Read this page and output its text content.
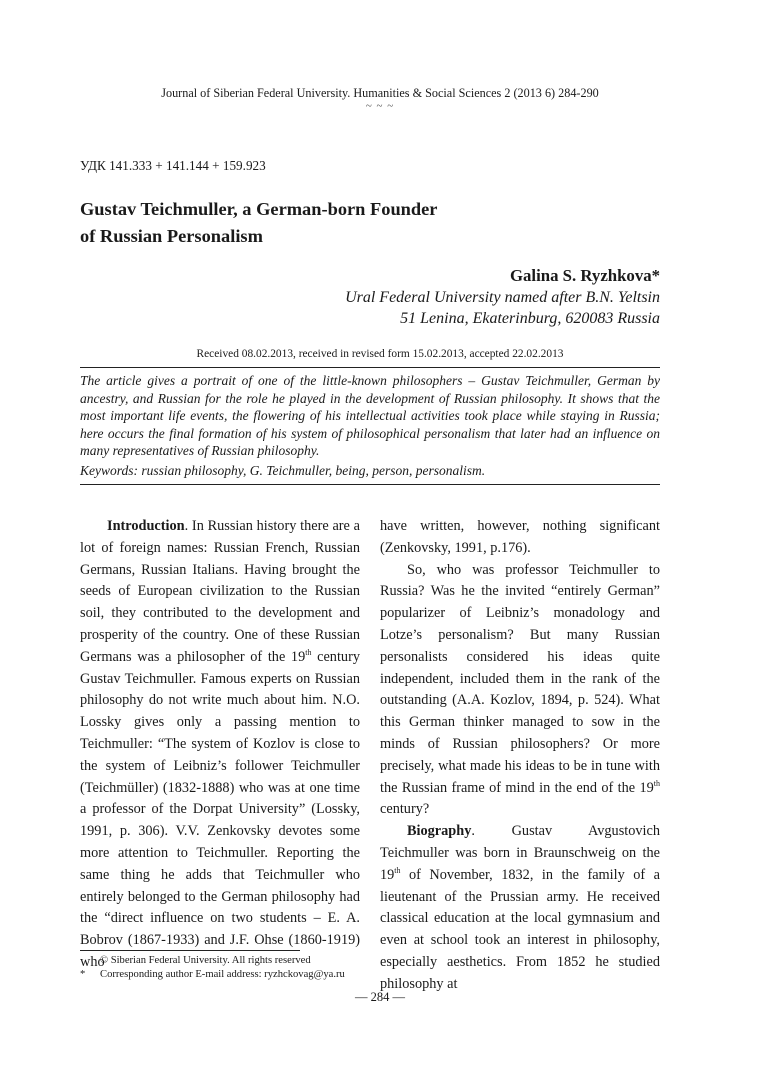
Journal of Siberian Federal University. Humanities & Social Sciences 2 (2013 6) 284-290
~ ~ ~
УДК 141.333 + 141.144 + 159.923
Gustav Teichmuller, a German-born Founder
of Russian Personalism
Galina S. Ryzhkova*
Ural Federal University named after B.N. Yeltsin
51 Lenina, Ekaterinburg, 620083 Russia
Received 08.02.2013, received in revised form 15.02.2013, accepted 22.02.2013
The article gives a portrait of one of the little-known philosophers – Gustav Teichmuller, German by ancestry, and Russian for the role he played in the development of Russian philosophy. It shows that the most important life events, the flowering of his intellectual activities took place while staying in Russia; here occurs the final formation of his system of philosophical personalism that later had an influence on many representatives of Russian philosophy.
Keywords: russian philosophy, G. Teichmuller, being, person, personalism.

Introduction. In Russian history there are a lot of foreign names: Russian French, Russian Germans, Russian Italians. Having brought the seeds of European civilization to the Russian soil, they contributed to the development and prosperity of the country. One of these Russian Germans was a philosopher of the 19th century Gustav Teichmuller. Famous experts on Russian philosophy do not write much about him. N.O. Lossky gives only a passing mention to Teichmuller: “The system of Kozlov is close to the system of Leibniz’s follower Teichmuller (Teichmüller) (1832-1888) who was at one time a professor of the Dorpat University” (Lossky, 1991, p. 306). V.V. Zenkovsky devotes some more attention to Teichmuller. Reporting the same thing he adds that Teichmuller who entirely belonged to the German philosophy had the “direct influence on two students – E. A. Bobrov (1867-1933) and J.F. Ohse (1860-1919) who

have written, however, nothing significant (Zenkovsky, 1991, p.176).

So, who was professor Teichmuller to Russia? Was he the invited “entirely German” popularizer of Leibniz’s monadology and Lotze’s personalism? But many Russian personalists considered his ideas quite independent, included them in the rank of the outstanding (A.A. Kozlov, 1894, p. 524). What this German thinker managed to sow in the minds of Russian philosophers? Or more precisely, what made his ideas to be in tune with the Russian frame of mind in the end of the 19th century?

Biography. Gustav Avgustovich Teichmuller was born in Braunschweig on the 19th of November, 1832, in the family of a lieutenant of the Prussian army. He received classical education at the local gymnasium and even at school took an interest in philosophy, especially aesthetics. From 1852 he studied philosophy at

© Siberian Federal University. All rights reserved
* Corresponding author E-mail address: ryzhckovag@ya.ru
— 284 —
